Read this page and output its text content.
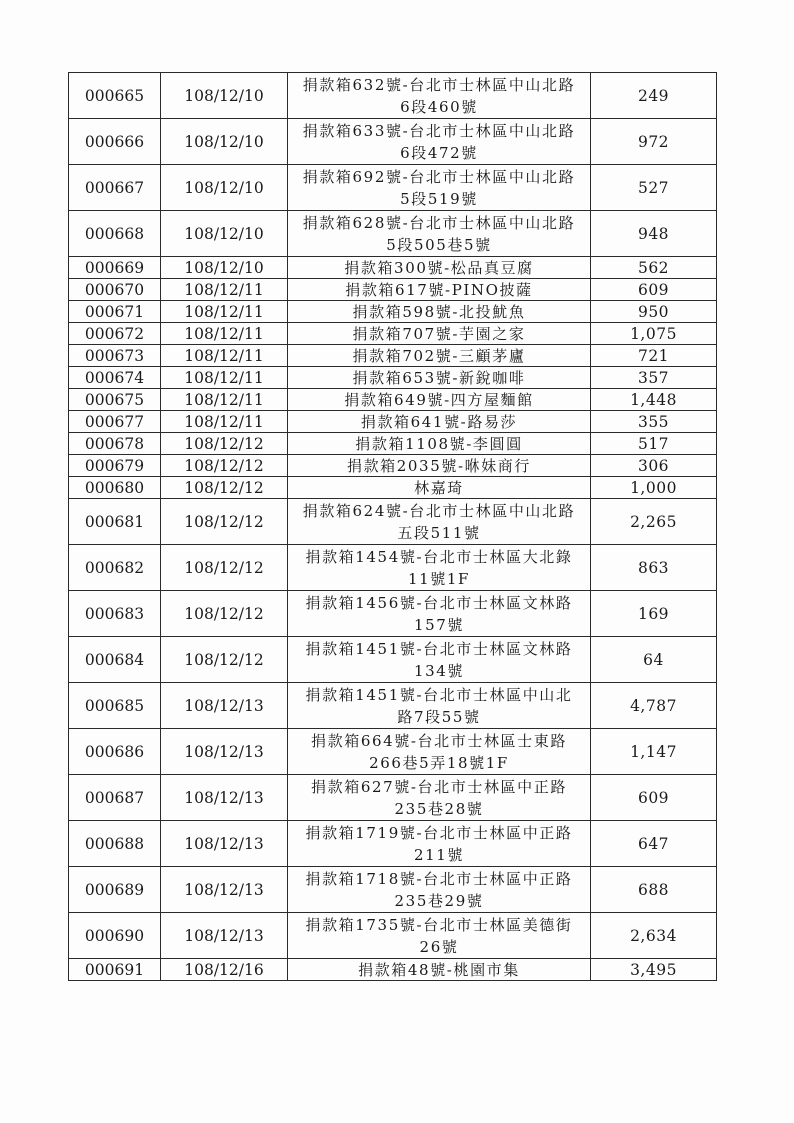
000665	108/12/10	捐款箱632號-台北市士林區中山北路
6段460號	249
000666	108/12/10	捐款箱633號-台北市士林區中山北路
6段472號	972
000667	108/12/10	捐款箱692號-台北市士林區中山北路
5段519號	527
000668	108/12/10	捐款箱628號-台北市士林區中山北路
5段505巷5號	948
000669	108/12/10	捐款箱300號-松品真豆腐	562
000670	108/12/11	捐款箱617號-PINO披薩	609
000671	108/12/11	捐款箱598號-北投魷魚	950
000672	108/12/11	捐款箱707號-芋園之家	1,075
000673	108/12/11	捐款箱702號-三顧茅廬	721
000674	108/12/11	捐款箱653號-新銳咖啡	357
000675	108/12/11	捐款箱649號-四方屋麵館	1,448
000677	108/12/11	捐款箱641號-路易莎	355
000678	108/12/12	捐款箱1108號-李圓圓	517
000679	108/12/12	捐款箱2035號-咻妹商行	306
000680	108/12/12	林嘉琦	1,000
000681	108/12/12	捐款箱624號-台北市士林區中山北路
五段511號	2,265
000682	108/12/12	捐款箱1454號-台北市士林區大北錄
11號1F	863
000683	108/12/12	捐款箱1456號-台北市士林區文林路
157號	169
000684	108/12/12	捐款箱1451號-台北市士林區文林路
134號	64
000685	108/12/13	捐款箱1451號-台北市士林區中山北
路7段55號	4,787
000686	108/12/13	捐款箱664號-台北市士林區士東路
266巷5弄18號1F	1,147
000687	108/12/13	捐款箱627號-台北市士林區中正路
235巷28號	609
000688	108/12/13	捐款箱1719號-台北市士林區中正路
211號	647
000689	108/12/13	捐款箱1718號-台北市士林區中正路
235巷29號	688
000690	108/12/13	捐款箱1735號-台北市士林區美德街
26號	2,634
000691	108/12/16	捐款箱48號-桃園市集	3,495
